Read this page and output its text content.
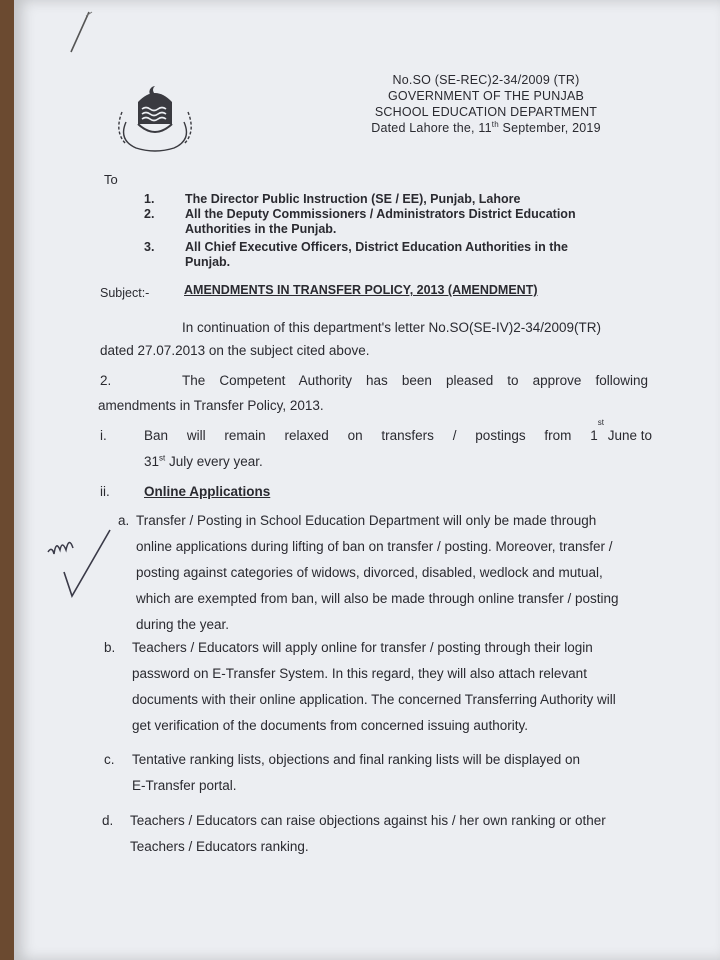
No.SO (SE-REC)2-34/2009 (TR)
GOVERNMENT OF THE PUNJAB
SCHOOL EDUCATION DEPARTMENT
Dated Lahore the, 11th September, 2019
To
1.	The Director Public Instruction (SE / EE), Punjab, Lahore
2.	All the Deputy Commissioners / Administrators District Education
Authorities in the Punjab.
3.	All Chief Executive Officers, District Education Authorities in the
Punjab.
Subject:-	AMENDMENTS IN TRANSFER POLICY, 2013 (AMENDMENT)
In continuation of this department's letter No.SO(SE-IV)2-34/2009(TR)
dated 27.07.2013 on the subject cited above.
2.	The Competent Authority has been pleased to approve following
amendments in Transfer Policy, 2013.
i.	Ban will remain relaxed on transfers / postings from 1
st
June to
31st July every year.
ii.	Online Applications
a. Transfer / Posting in School Education Department will only be made through
online applications during lifting of ban on transfer / posting. Moreover, transfer /
posting against categories of widows, divorced, disabled, wedlock and mutual,
which are exempted from ban, will also be made through online transfer / posting
during the year.
b. Teachers / Educators will apply online for transfer / posting through their login
password on E-Transfer System. In this regard, they will also attach relevant
documents with their online application. The concerned Transferring Authority will
get verification of the documents from concerned issuing authority.
c. Tentative ranking lists, objections and final ranking lists will be displayed on
E-Transfer portal.
d. Teachers / Educators can raise objections against his / her own ranking or other
Teachers / Educators ranking.
